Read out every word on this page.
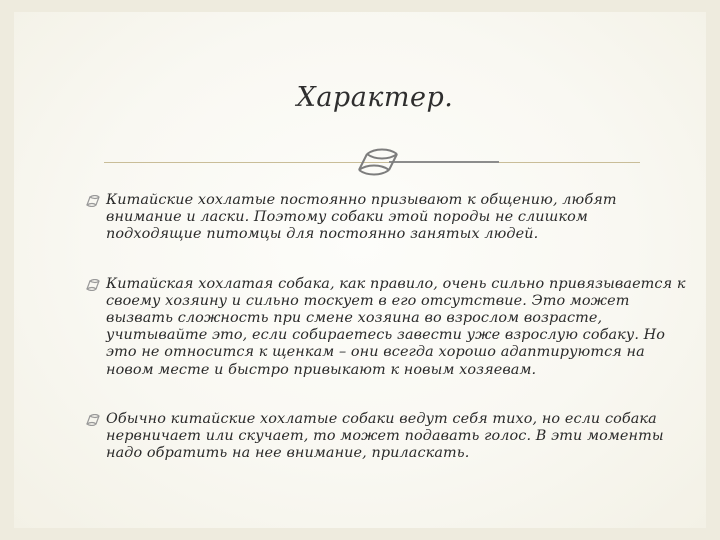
Характер.
Китайские хохлатые постоянно призывают к общению, любят внимание и ласки. Поэтому собаки этой породы не слишком подходящие питомцы для постоянно занятых людей.
Китайская хохлатая собака, как правило, очень сильно привязывается к своему хозяину и сильно тоскует в его отсутствие. Это может вызвать сложность при смене хозяина во взрослом возрасте, учитывайте это, если собираетесь завести уже взрослую собаку. Но это не относится к щенкам – они всегда хорошо адаптируются на новом месте и быстро привыкают к новым хозяевам.
Обычно китайские хохлатые собаки ведут себя тихо, но если собака нервничает или скучает, то может подавать голос. В эти моменты надо обратить на нее внимание, приласкать.
